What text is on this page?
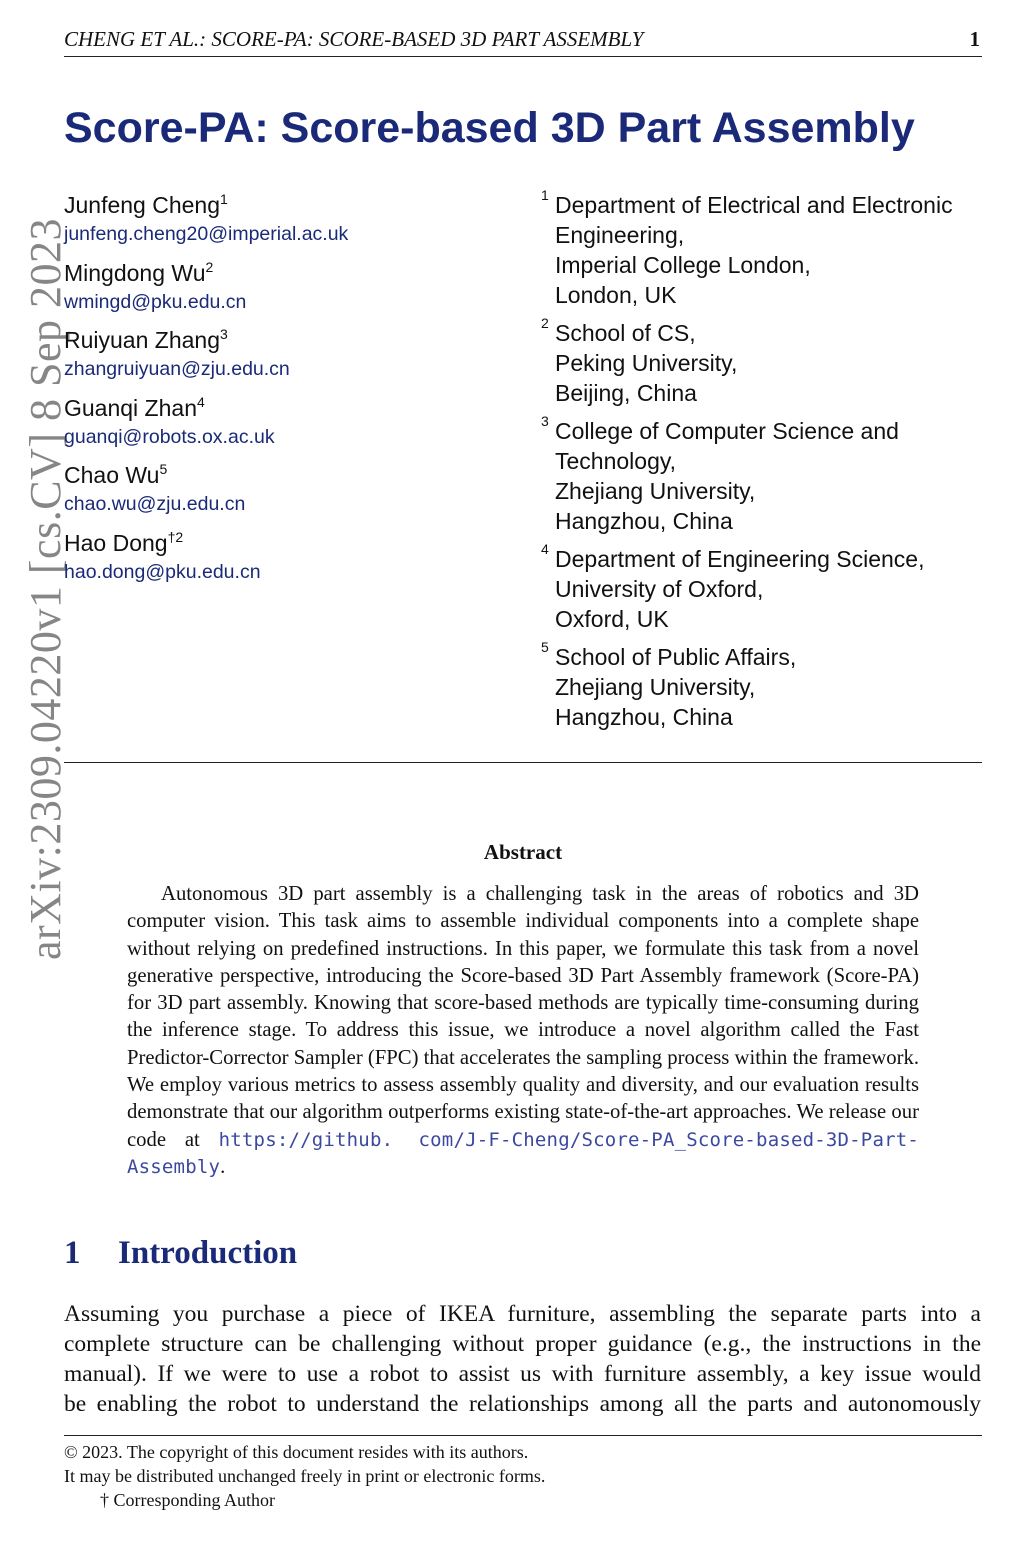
CHENG ET AL.: SCORE-PA: SCORE-BASED 3D PART ASSEMBLY	1
arXiv:2309.04220v1 [cs.CV] 8 Sep 2023
Score-PA: Score-based 3D Part Assembly
Junfeng Cheng$^1$
junfeng.cheng20@imperial.ac.uk
Mingdong Wu$^2$
wmingd@pku.edu.cn
Ruiyuan Zhang$^3$
zhangruiyuan@zju.edu.cn
Guanqi Zhan$^4$
guanqi@robots.ox.ac.uk
Chao Wu$^5$
chao.wu@zju.edu.cn
Hao Dong$^{\dagger 2}$
hao.dong@pku.edu.cn
1 Department of Electrical and Electronic
Engineering,
Imperial College London,
London, UK
2 School of CS,
Peking University,
Beijing, China
3 College of Computer Science and
Technology,
Zhejiang University,
Hangzhou, China
4 Department of Engineering Science,
University of Oxford,
Oxford, UK
5 School of Public Affairs,
Zhejiang University,
Hangzhou, China
Abstract
Autonomous 3D part assembly is a challenging task in the areas of robotics and 3D computer vision. This task aims to assemble individual components into a complete shape without relying on predefined instructions. In this paper, we formulate this task from a novel generative perspective, introducing the Score-based 3D Part Assembly framework (Score-PA) for 3D part assembly. Knowing that score-based methods are typically time-consuming during the inference stage. To address this issue, we introduce a novel algorithm called the Fast Predictor-Corrector Sampler (FPC) that accelerates the sampling process within the framework. We employ various metrics to assess assembly quality and diversity, and our evaluation results demonstrate that our algorithm outperforms existing state-of-the-art approaches. We release our code at https://github. com/J-F-Cheng/Score-PA_Score-based-3D-Part-Assembly.
1 Introduction
Assuming you purchase a piece of IKEA furniture, assembling the separate parts into a
complete structure can be challenging without proper guidance (e.g., the instructions in the
manual). If we were to use a robot to assist us with furniture assembly, a key issue would
be enabling the robot to understand the relationships among all the parts and autonomously
© 2023. The copyright of this document resides with its authors.
It may be distributed unchanged freely in print or electronic forms.
† Corresponding Author
